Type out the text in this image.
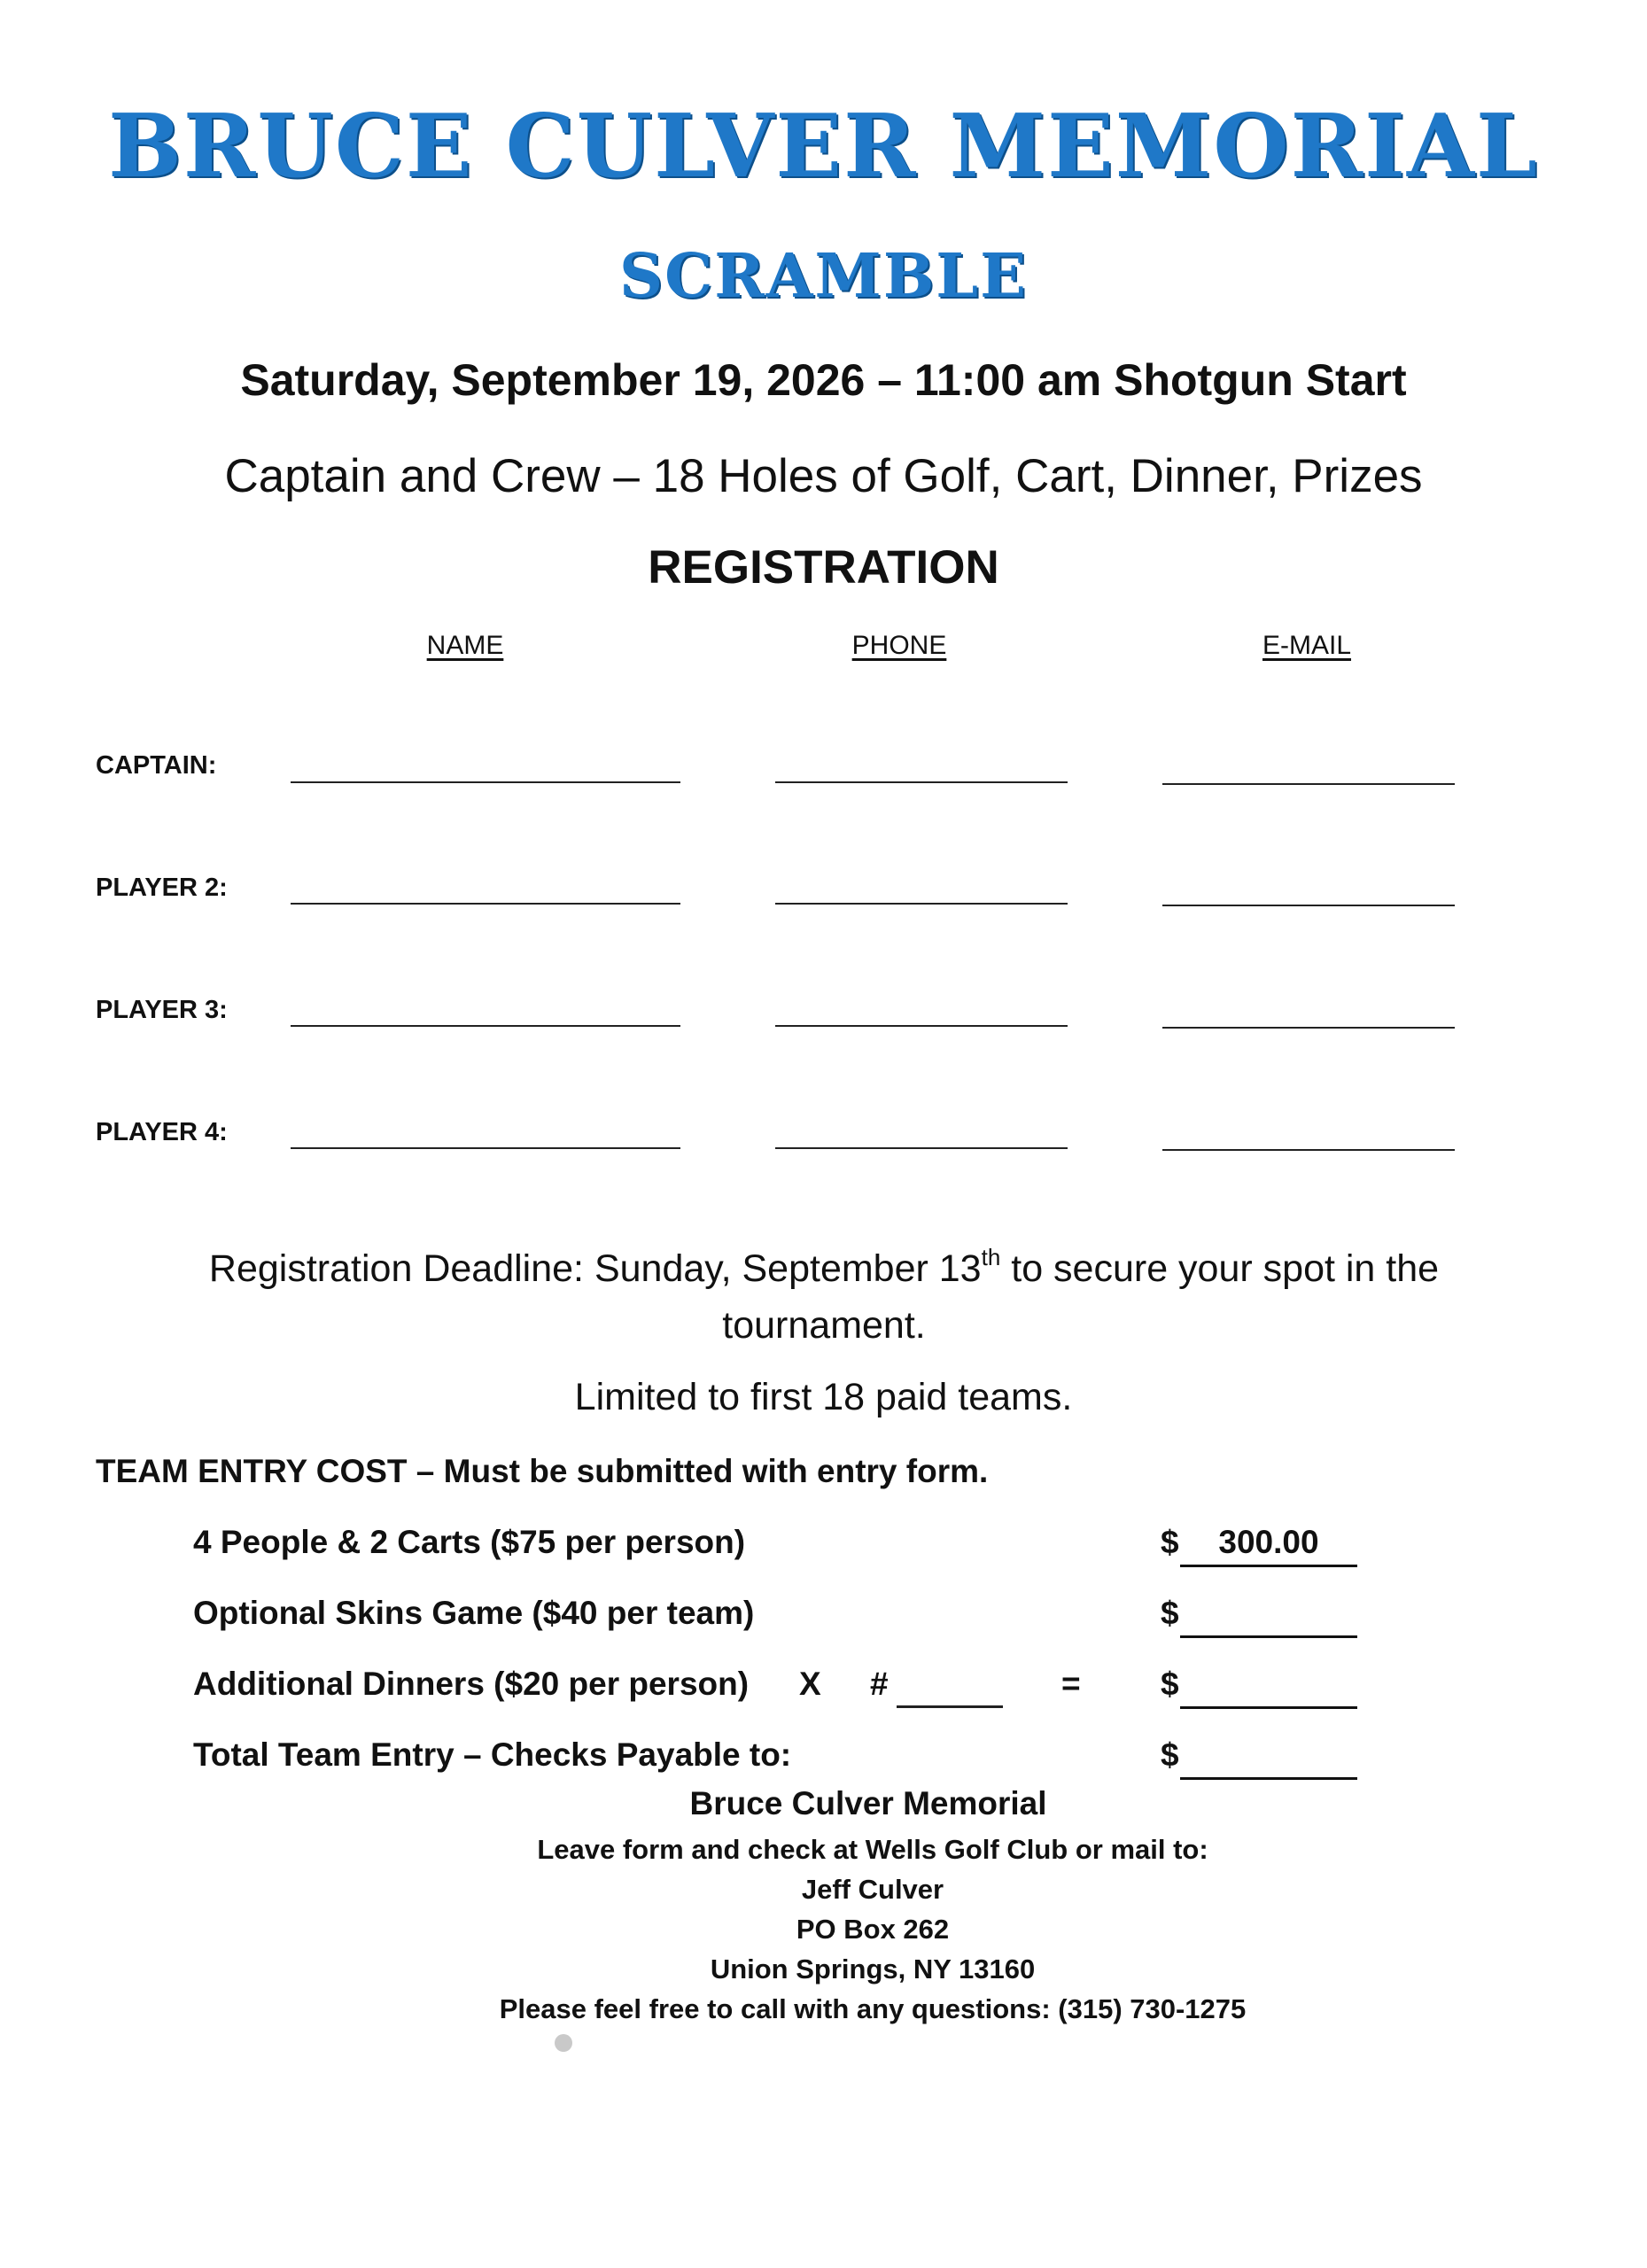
BRUCE CULVER MEMORIAL
SCRAMBLE
Saturday, September 19, 2026 – 11:00 am Shotgun Start
Captain and Crew – 18 Holes of Golf, Cart, Dinner, Prizes
REGISTRATION
NAME	PHONE	E-MAIL
CAPTAIN:
PLAYER 2:
PLAYER 3:
PLAYER 4:
Registration Deadline: Sunday, September 13th to secure your spot in the tournament.
Limited to first 18 paid teams.
TEAM ENTRY COST – Must be submitted with entry form.
4 People & 2 Carts ($75 per person)	$	300.00
Optional Skins Game ($40 per team)	$
Additional Dinners ($20 per person) X #	= $
Total Team Entry – Checks Payable to:	$
Bruce Culver Memorial
Leave form and check at Wells Golf Club or mail to:
Jeff Culver
PO Box 262
Union Springs, NY 13160
Please feel free to call with any questions: (315) 730-1275
